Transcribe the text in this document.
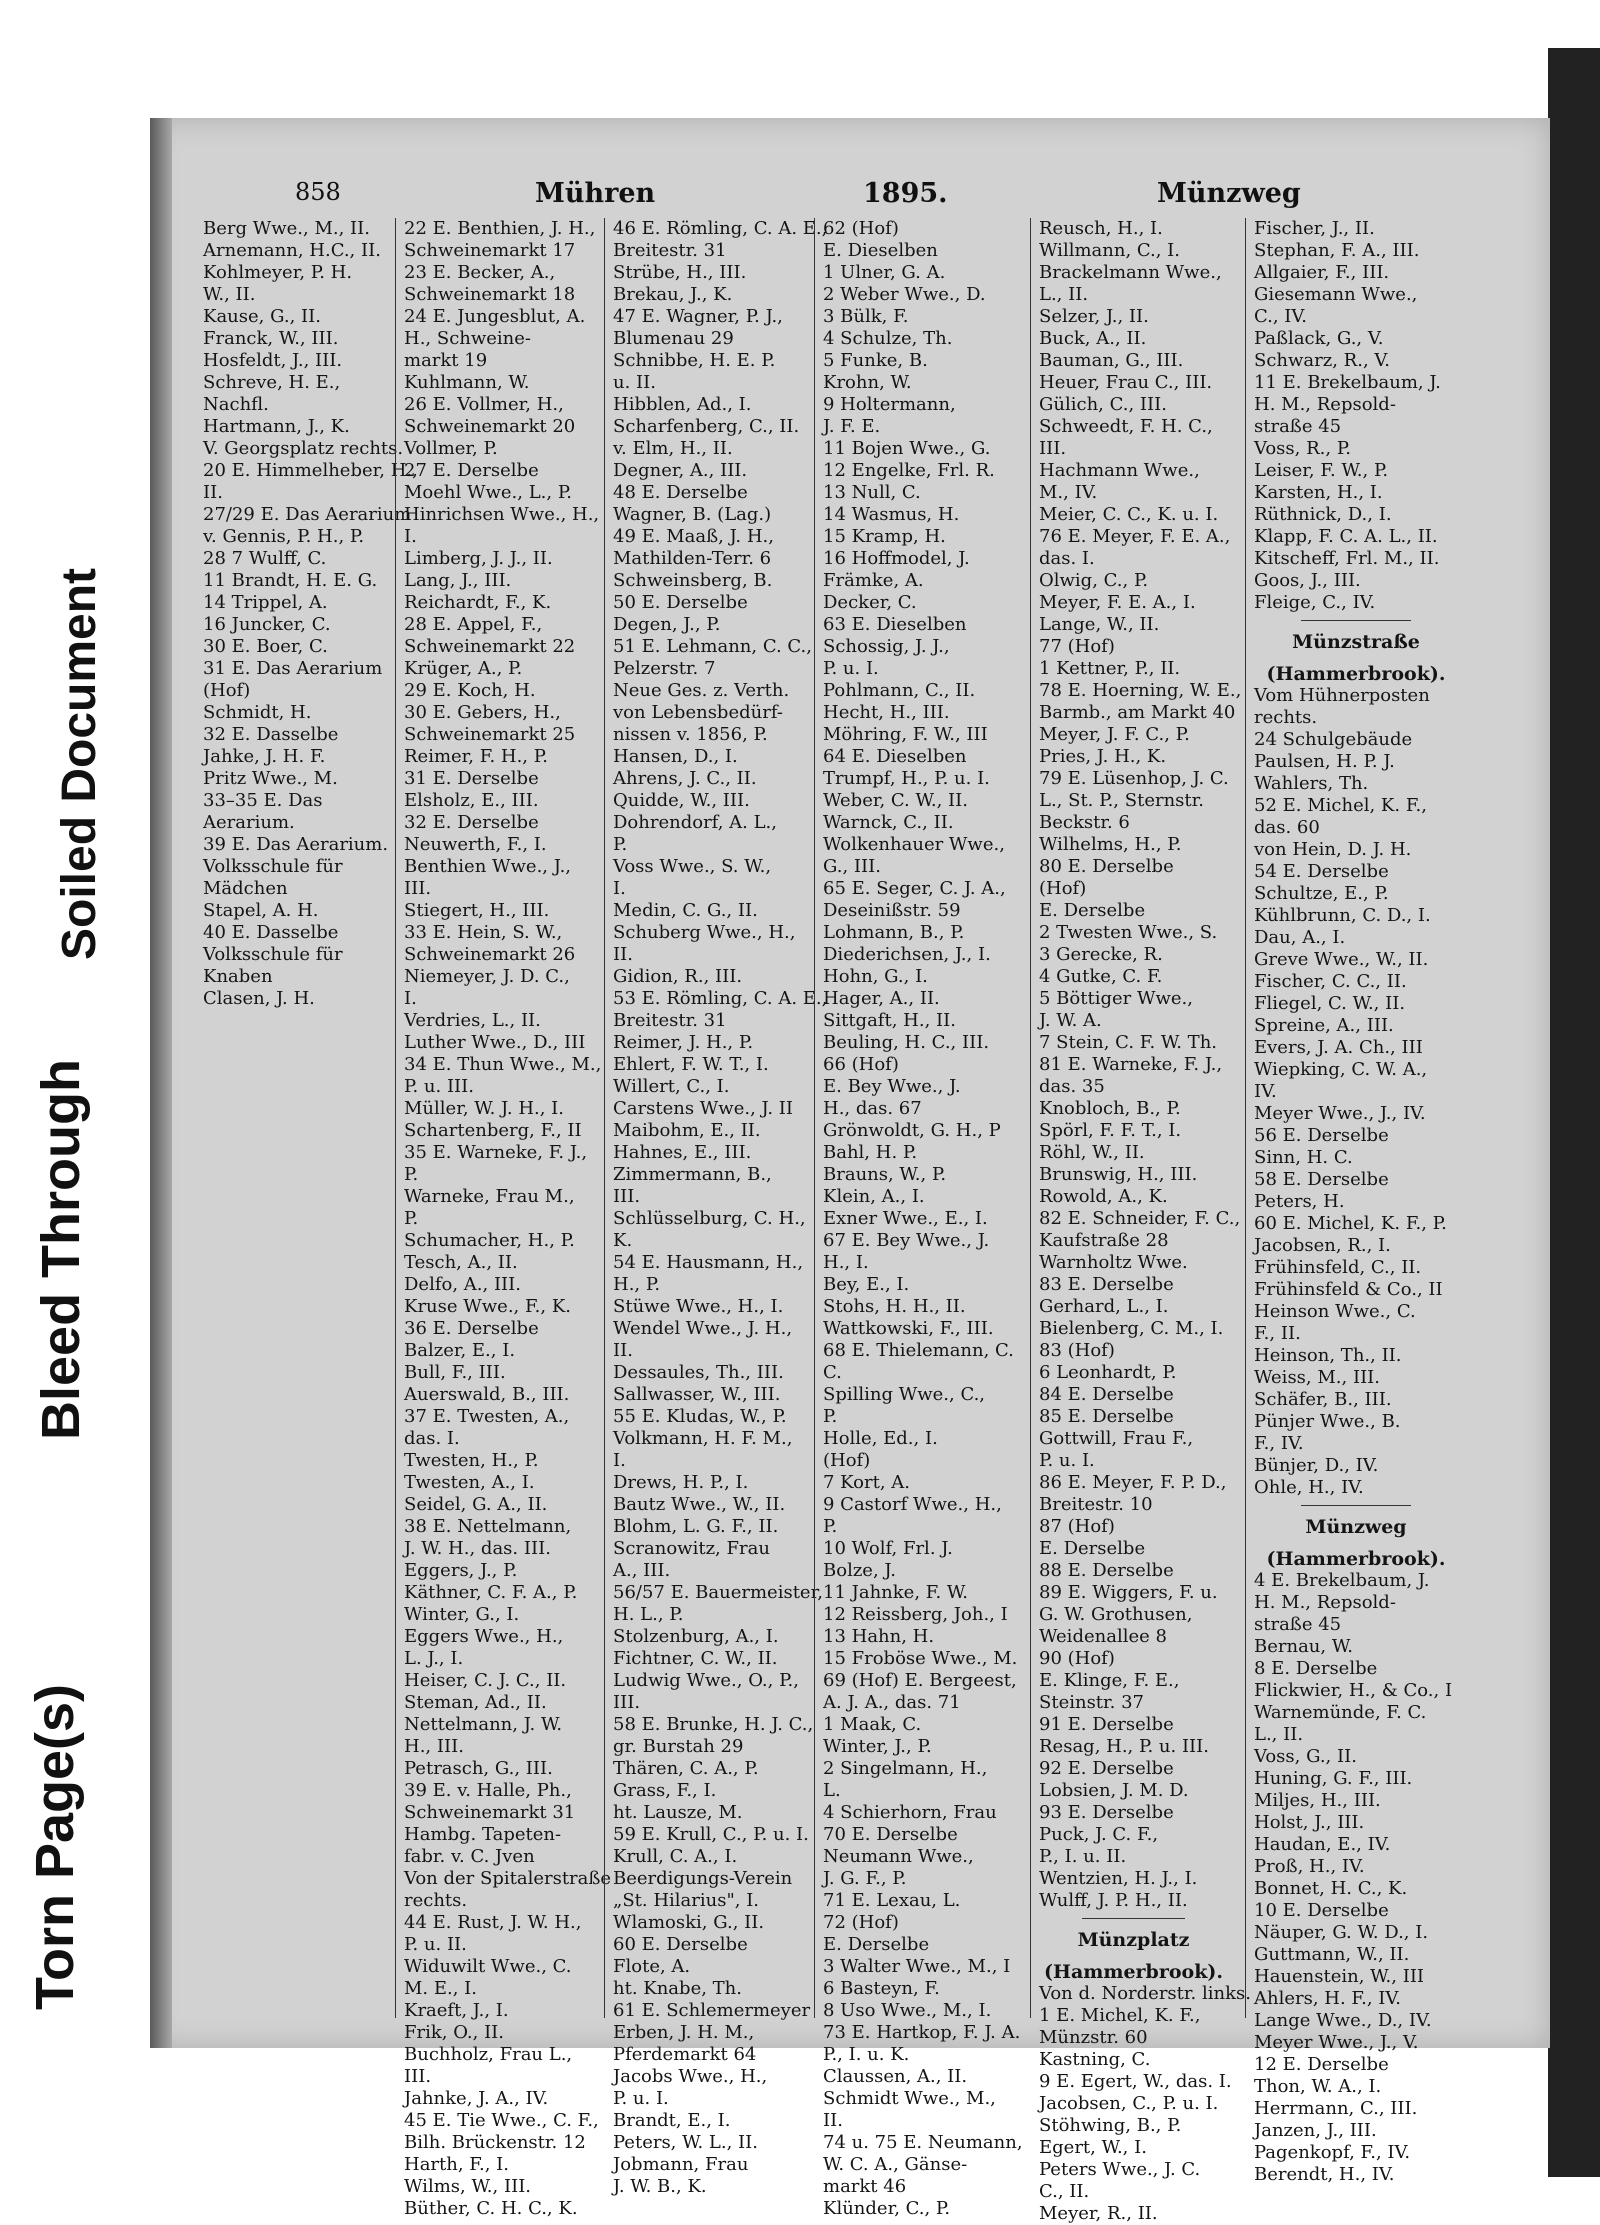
Torn Page(s)
Bleed Through
Soiled Document
858	Mühren	1895.	Münzweg
Berg Wwe., M., II.
Arnemann, H.C., II.
Kohlmeyer, P. H.
W., II.
Kause, G., II.
Franck, W., III.
Hosfeldt, J., III.
Schreve, H. E.,
Nachfl.
Hartmann, J., K.
V. Georgsplatz rechts.
20 E. Himmelheber, H.,
II.
27/29 E. Das Aerarium
v. Gennis, P. H., P.
28 7 Wulff, C.
11 Brandt, H. E. G.
14 Trippel, A.
16 Juncker, C.
30 E. Boer, C.
31 E. Das Aerarium
(Hof)
Schmidt, H.
32 E. Dasselbe
Jahke, J. H. F.
Pritz Wwe., M.
33–35 E. Das
Aerarium.
39 E. Das Aerarium.
Volksschule für
Mädchen
Stapel, A. H.
40 E. Dasselbe
Volksschule für
Knaben
Clasen, J. H.
22 E. Benthien, J. H.,
Schweinemarkt 17
23 E. Becker, A.,
Schweinemarkt 18
24 E. Jungesblut, A.
H., Schweine-
markt 19
Kuhlmann, W.
26 E. Vollmer, H.,
Schweinemarkt 20
Vollmer, P.
27 E. Derselbe
Moehl Wwe., L., P.
Hinrichsen Wwe., H.,
I.
Limberg, J. J., II.
Lang, J., III.
Reichardt, F., K.
28 E. Appel, F.,
Schweinemarkt 22
Krüger, A., P.
29 E. Koch, H.
30 E. Gebers, H.,
Schweinemarkt 25
Reimer, F. H., P.
31 E. Derselbe
Elsholz, E., III.
32 E. Derselbe
Neuwerth, F., I.
Benthien Wwe., J.,
III.
Stiegert, H., III.
33 E. Hein, S. W.,
Schweinemarkt 26
Niemeyer, J. D. C.,
I.
Verdries, L., II.
Luther Wwe., D., III
34 E. Thun Wwe., M.,
P. u. III.
Müller, W. J. H., I.
Schartenberg, F., II
35 E. Warneke, F. J.,
P.
Warneke, Frau M.,
P.
Schumacher, H., P.
Tesch, A., II.
Delfo, A., III.
Kruse Wwe., F., K.
36 E. Derselbe
Balzer, E., I.
Bull, F., III.
Auerswald, B., III.
37 E. Twesten, A.,
das. I.
Twesten, H., P.
Twesten, A., I.
Seidel, G. A., II.
38 E. Nettelmann,
J. W. H., das. III.
Eggers, J., P.
Käthner, C. F. A., P.
Winter, G., I.
Eggers Wwe., H.,
L. J., I.
Heiser, C. J. C., II.
Steman, Ad., II.
Nettelmann, J. W.
H., III.
Petrasch, G., III.
39 E. v. Halle, Ph.,
Schweinemarkt 31
Hambg. Tapeten-
fabr. v. C. Jven
Von der Spitalerstraße
rechts.
44 E. Rust, J. W. H.,
P. u. II.
Widuwilt Wwe., C.
M. E., I.
Kraeft, J., I.
Frik, O., II.
Buchholz, Frau L.,
III.
Jahnke, J. A., IV.
45 E. Tie Wwe., C. F.,
Bilh. Brückenstr. 12
Harth, F., I.
Wilms, W., III.
Büther, C. H. C., K.
46 E. Römling, C. A. E.,
Breitestr. 31
Strübe, H., III.
Brekau, J., K.
47 E. Wagner, P. J.,
Blumenau 29
Schnibbe, H. E. P.
u. II.
Hibblen, Ad., I.
Scharfenberg, C., II.
v. Elm, H., II.
Degner, A., III.
48 E. Derselbe
Wagner, B. (Lag.)
49 E. Maaß, J. H.,
Mathilden-Terr. 6
Schweinsberg, B.
50 E. Derselbe
Degen, J., P.
51 E. Lehmann, C. C.,
Pelzerstr. 7
Neue Ges. z. Verth.
von Lebensbedürf-
nissen v. 1856, P.
Hansen, D., I.
Ahrens, J. C., II.
Quidde, W., III.
Dohrendorf, A. L.,
P.
Voss Wwe., S. W.,
I.
Medin, C. G., II.
Schuberg Wwe., H.,
II.
Gidion, R., III.
53 E. Römling, C. A. E.,
Breitestr. 31
Reimer, J. H., P.
Ehlert, F. W. T., I.
Willert, C., I.
Carstens Wwe., J. II
Maibohm, E., II.
Hahnes, E., III.
Zimmermann, B.,
III.
Schlüsselburg, C. H.,
K.
54 E. Hausmann, H.,
H., P.
Stüwe Wwe., H., I.
Wendel Wwe., J. H.,
II.
Dessaules, Th., III.
Sallwasser, W., III.
55 E. Kludas, W., P.
Volkmann, H. F. M.,
I.
Drews, H. P., I.
Bautz Wwe., W., II.
Blohm, L. G. F., II.
Scranowitz, Frau
A., III.
56/57 E. Bauermeister,
H. L., P.
Stolzenburg, A., I.
Fichtner, C. W., II.
Ludwig Wwe., O., P.,
III.
58 E. Brunke, H. J. C.,
gr. Burstah 29
Thären, C. A., P.
Grass, F., I.
ht. Lausze, M.
59 E. Krull, C., P. u. I.
Krull, C. A., I.
Beerdigungs-Verein
„St. Hilarius", I.
Wlamoski, G., II.
60 E. Derselbe
Flote, A.
ht. Knabe, Th.
61 E. Schlemermeyer
Erben, J. H. M.,
Pferdemarkt 64
Jacobs Wwe., H.,
P. u. I.
Brandt, E., I.
Peters, W. L., II.
Jobmann, Frau
J. W. B., K.
62 (Hof)
E. Dieselben
1 Ulner, G. A.
2 Weber Wwe., D.
3 Bülk, F.
4 Schulze, Th.
5 Funke, B.
Krohn, W.
9 Holtermann,
J. F. E.
11 Bojen Wwe., G.
12 Engelke, Frl. R.
13 Null, C.
14 Wasmus, H.
15 Kramp, H.
16 Hoffmodel, J.
Främke, A.
Decker, C.
63 E. Dieselben
Schossig, J. J.,
P. u. I.
Pohlmann, C., II.
Hecht, H., III.
Möhring, F. W., III
64 E. Dieselben
Trumpf, H., P. u. I.
Weber, C. W., II.
Warnck, C., II.
Wolkenhauer Wwe.,
G., III.
65 E. Seger, C. J. A.,
Deseinißstr. 59
Lohmann, B., P.
Diederichsen, J., I.
Hohn, G., I.
Hager, A., II.
Sittgaft, H., II.
Beuling, H. C., III.
66 (Hof)
E. Bey Wwe., J.
H., das. 67
Grönwoldt, G. H., P
Bahl, H. P.
Brauns, W., P.
Klein, A., I.
Exner Wwe., E., I.
67 E. Bey Wwe., J.
H., I.
Bey, E., I.
Stohs, H. H., II.
Wattkowski, F., III.
68 E. Thielemann, C.
C.
Spilling Wwe., C.,
P.
Holle, Ed., I.
(Hof)
7 Kort, A.
9 Castorf Wwe., H.,
P.
10 Wolf, Frl. J.
Bolze, J.
11 Jahnke, F. W.
12 Reissberg, Joh., I
13 Hahn, H.
15 Froböse Wwe., M.
69 (Hof) E. Bergeest,
A. J. A., das. 71
1 Maak, C.
Winter, J., P.
2 Singelmann, H.,
L.
4 Schierhorn, Frau
70 E. Derselbe
Neumann Wwe.,
J. G. F., P.
71 E. Lexau, L.
72 (Hof)
E. Derselbe
3 Walter Wwe., M., I
6 Basteyn, F.
8 Uso Wwe., M., I.
73 E. Hartkop, F. J. A.
P., I. u. K.
Claussen, A., II.
Schmidt Wwe., M.,
II.
74 u. 75 E. Neumann,
W. C. A., Gänse-
markt 46
Klünder, C., P.
Reusch, H., I.
Willmann, C., I.
Brackelmann Wwe.,
L., II.
Selzer, J., II.
Buck, A., II.
Bauman, G., III.
Heuer, Frau C., III.
Gülich, C., III.
Schweedt, F. H. C.,
III.
Hachmann Wwe.,
M., IV.
Meier, C. C., K. u. I.
76 E. Meyer, F. E. A.,
das. I.
Olwig, C., P.
Meyer, F. E. A., I.
Lange, W., II.
77 (Hof)
1 Kettner, P., II.
78 E. Hoerning, W. E.,
Barmb., am Markt 40
Meyer, J. F. C., P.
Pries, J. H., K.
79 E. Lüsenhop, J. C.
L., St. P., Sternstr.
Beckstr. 6
Wilhelms, H., P.
80 E. Derselbe
(Hof)
E. Derselbe
2 Twesten Wwe., S.
3 Gerecke, R.
4 Gutke, C. F.
5 Böttiger Wwe.,
J. W. A.
7 Stein, C. F. W. Th.
81 E. Warneke, F. J.,
das. 35
Knobloch, B., P.
Spörl, F. F. T., I.
Röhl, W., II.
Brunswig, H., III.
Rowold, A., K.
82 E. Schneider, F. C.,
Kaufstraße 28
Warnholtz Wwe.
83 E. Derselbe
Gerhard, L., I.
Bielenberg, C. M., I.
83 (Hof)
6 Leonhardt, P.
84 E. Derselbe
85 E. Derselbe
Gottwill, Frau F.,
P. u. I.
86 E. Meyer, F. P. D.,
Breitestr. 10
87 (Hof)
E. Derselbe
88 E. Derselbe
89 E. Wiggers, F. u.
G. W. Grothusen,
Weidenallee 8
90 (Hof)
E. Klinge, F. E.,
Steinstr. 37
91 E. Derselbe
Resag, H., P. u. III.
92 E. Derselbe
Lobsien, J. M. D.
93 E. Derselbe
Puck, J. C. F.,
P., I. u. II.
Wentzien, H. J., I.
Wulff, J. P. H., II.
Münzplatz
(Hammerbrook).
Von d. Norderstr. links.
1 E. Michel, K. F.,
Münzstr. 60
Kastning, C.
9 E. Egert, W., das. I.
Jacobsen, C., P. u. I.
Stöhwing, B., P.
Egert, W., I.
Peters Wwe., J. C.
C., II.
Meyer, R., II.
Fischer, J., II.
Stephan, F. A., III.
Allgaier, F., III.
Giesemann Wwe.,
C., IV.
Paßlack, G., V.
Schwarz, R., V.
11 E. Brekelbaum, J.
H. M., Repsold-
straße 45
Voss, R., P.
Leiser, F. W., P.
Karsten, H., I.
Rüthnick, D., I.
Klapp, F. C. A. L., II.
Kitscheff, Frl. M., II.
Goos, J., III.
Fleige, C., IV.
Münzstraße
(Hammerbrook).
Vom Hühnerposten
rechts.
24 Schulgebäude
Paulsen, H. P. J.
Wahlers, Th.
52 E. Michel, K. F.,
das. 60
von Hein, D. J. H.
54 E. Derselbe
Schultze, E., P.
Kühlbrunn, C. D., I.
Dau, A., I.
Greve Wwe., W., II.
Fischer, C. C., II.
Fliegel, C. W., II.
Spreine, A., III.
Evers, J. A. Ch., III
Wiepking, C. W. A.,
IV.
Meyer Wwe., J., IV.
56 E. Derselbe
Sinn, H. C.
58 E. Derselbe
Peters, H.
60 E. Michel, K. F., P.
Jacobsen, R., I.
Frühinsfeld, C., II.
Frühinsfeld & Co., II
Heinson Wwe., C.
F., II.
Heinson, Th., II.
Weiss, M., III.
Schäfer, B., III.
Pünjer Wwe., B.
F., IV.
Bünjer, D., IV.
Ohle, H., IV.
Münzweg
(Hammerbrook).
4 E. Brekelbaum, J.
H. M., Repsold-
straße 45
Bernau, W.
8 E. Derselbe
Flickwier, H., & Co., I
Warnemünde, F. C.
L., II.
Voss, G., II.
Huning, G. F., III.
Miljes, H., III.
Holst, J., III.
Haudan, E., IV.
Proß, H., IV.
Bonnet, H. C., K.
10 E. Derselbe
Näuper, G. W. D., I.
Guttmann, W., II.
Hauenstein, W., III
Ahlers, H. F., IV.
Lange Wwe., D., IV.
Meyer Wwe., J., V.
12 E. Derselbe
Thon, W. A., I.
Herrmann, C., III.
Janzen, J., III.
Pagenkopf, F., IV.
Berendt, H., IV.
